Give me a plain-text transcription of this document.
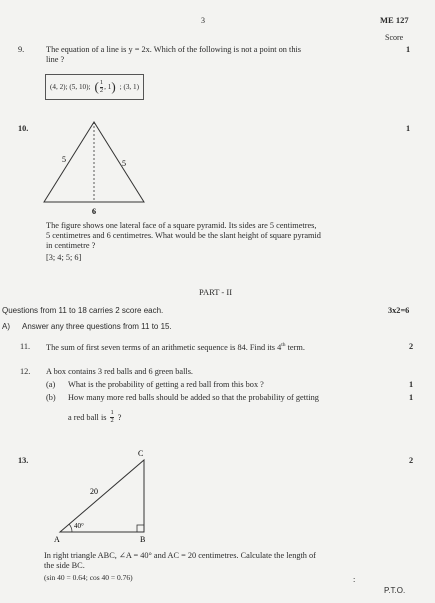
3	ME 127
Score
9.	The equation of a line is y = 2x. Which of the following is not a point on this
line ?
1
(4, 2); (5, 10); ( $\frac{1}{2}$ , 1 ) ; (3, 1)
10.	1
5	5
6
The figure shows one lateral face of a square pyramid. Its sides are 5 centimetres,
5 centimetres and 6 centimetres. What would be the slant height of square pyramid
in centimetre ?
[3; 4; 5; 6]
PART - II
Questions from 11 to 18 carries 2 score each.	3x2=6
A) Answer any three questions from 11 to 15.
11. The sum of first seven terms of an arithmetic sequence is 84. Find its 4th term.	2
12. A box contains 3 red balls and 6 green balls.
(a) What is the probability of getting a red ball from this box ?	1
(b) How many more red balls should be added so that the probability of getting	1
a red ball is $\frac{1}{2}$ ?
13.	2
C
A	B
20
40°
In right triangle ABC, ∠A = 40° and AC = 20 centimetres. Calculate the length of
the side BC.
(sin 40 = 0.64; cos 40 = 0.76)	:
P.T.O.
